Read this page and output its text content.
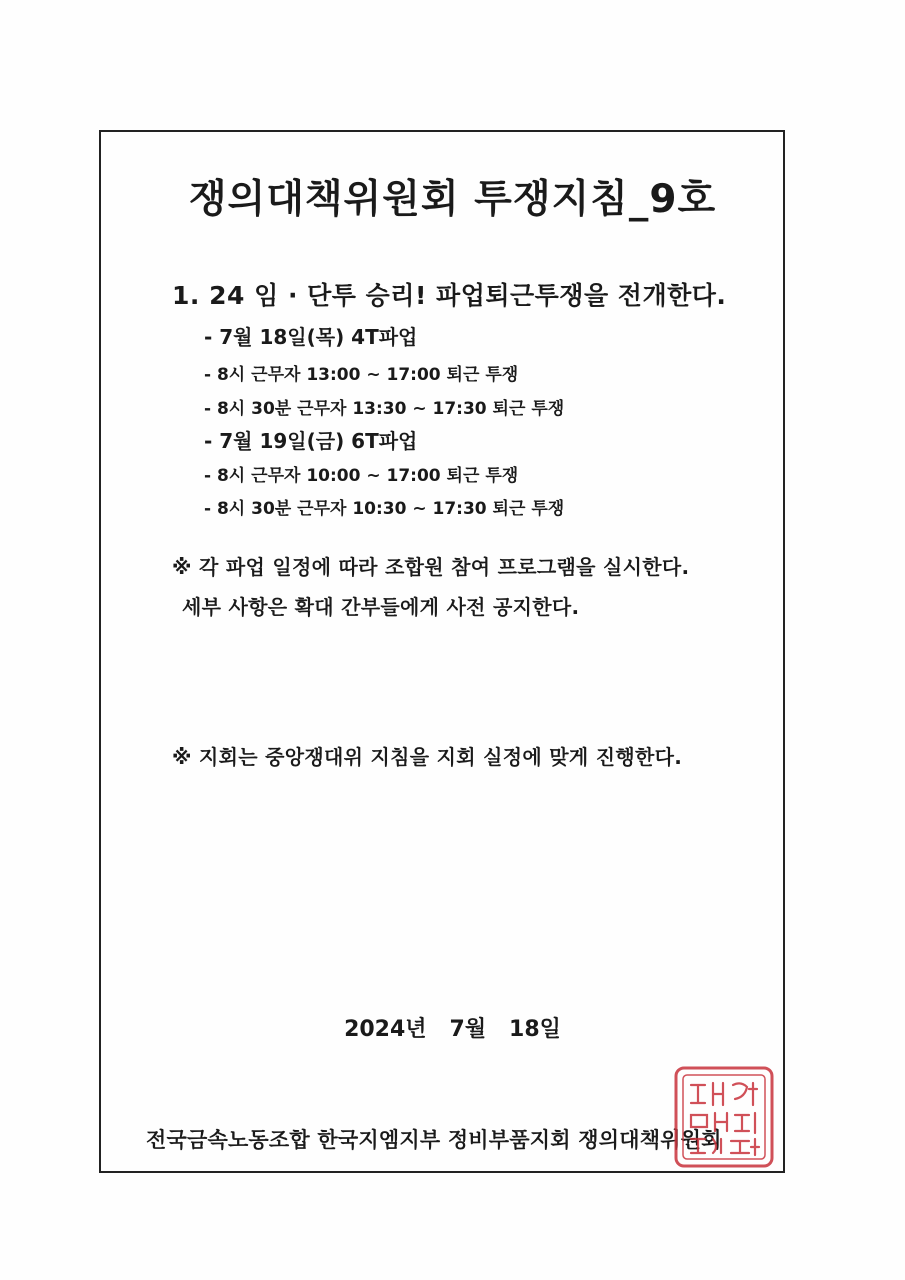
쟁의대책위원회 투쟁지침_9호
1. 24 임 · 단투 승리! 파업퇴근투쟁을 전개한다.
- 7월 18일(목) 4T파업
- 8시 근무자 13:00 ~ 17:00 퇴근 투쟁
- 8시 30분 근무자 13:30 ~ 17:30 퇴근 투쟁
- 7월 19일(금) 6T파업
- 8시 근무자 10:00 ~ 17:00 퇴근 투쟁
- 8시 30분 근무자 10:30 ~ 17:30 퇴근 투쟁
※ 각 파업 일정에 따라 조합원 참여 프로그램을 실시한다.
세부 사항은 확대 간부들에게 사전 공지한다.
※ 지회는 중앙쟁대위 지침을 지회 실정에 맞게 진행한다.
2024년   7월   18일
전국금속노동조합 한국지엠지부 정비부품지회 쟁의대책위원회
